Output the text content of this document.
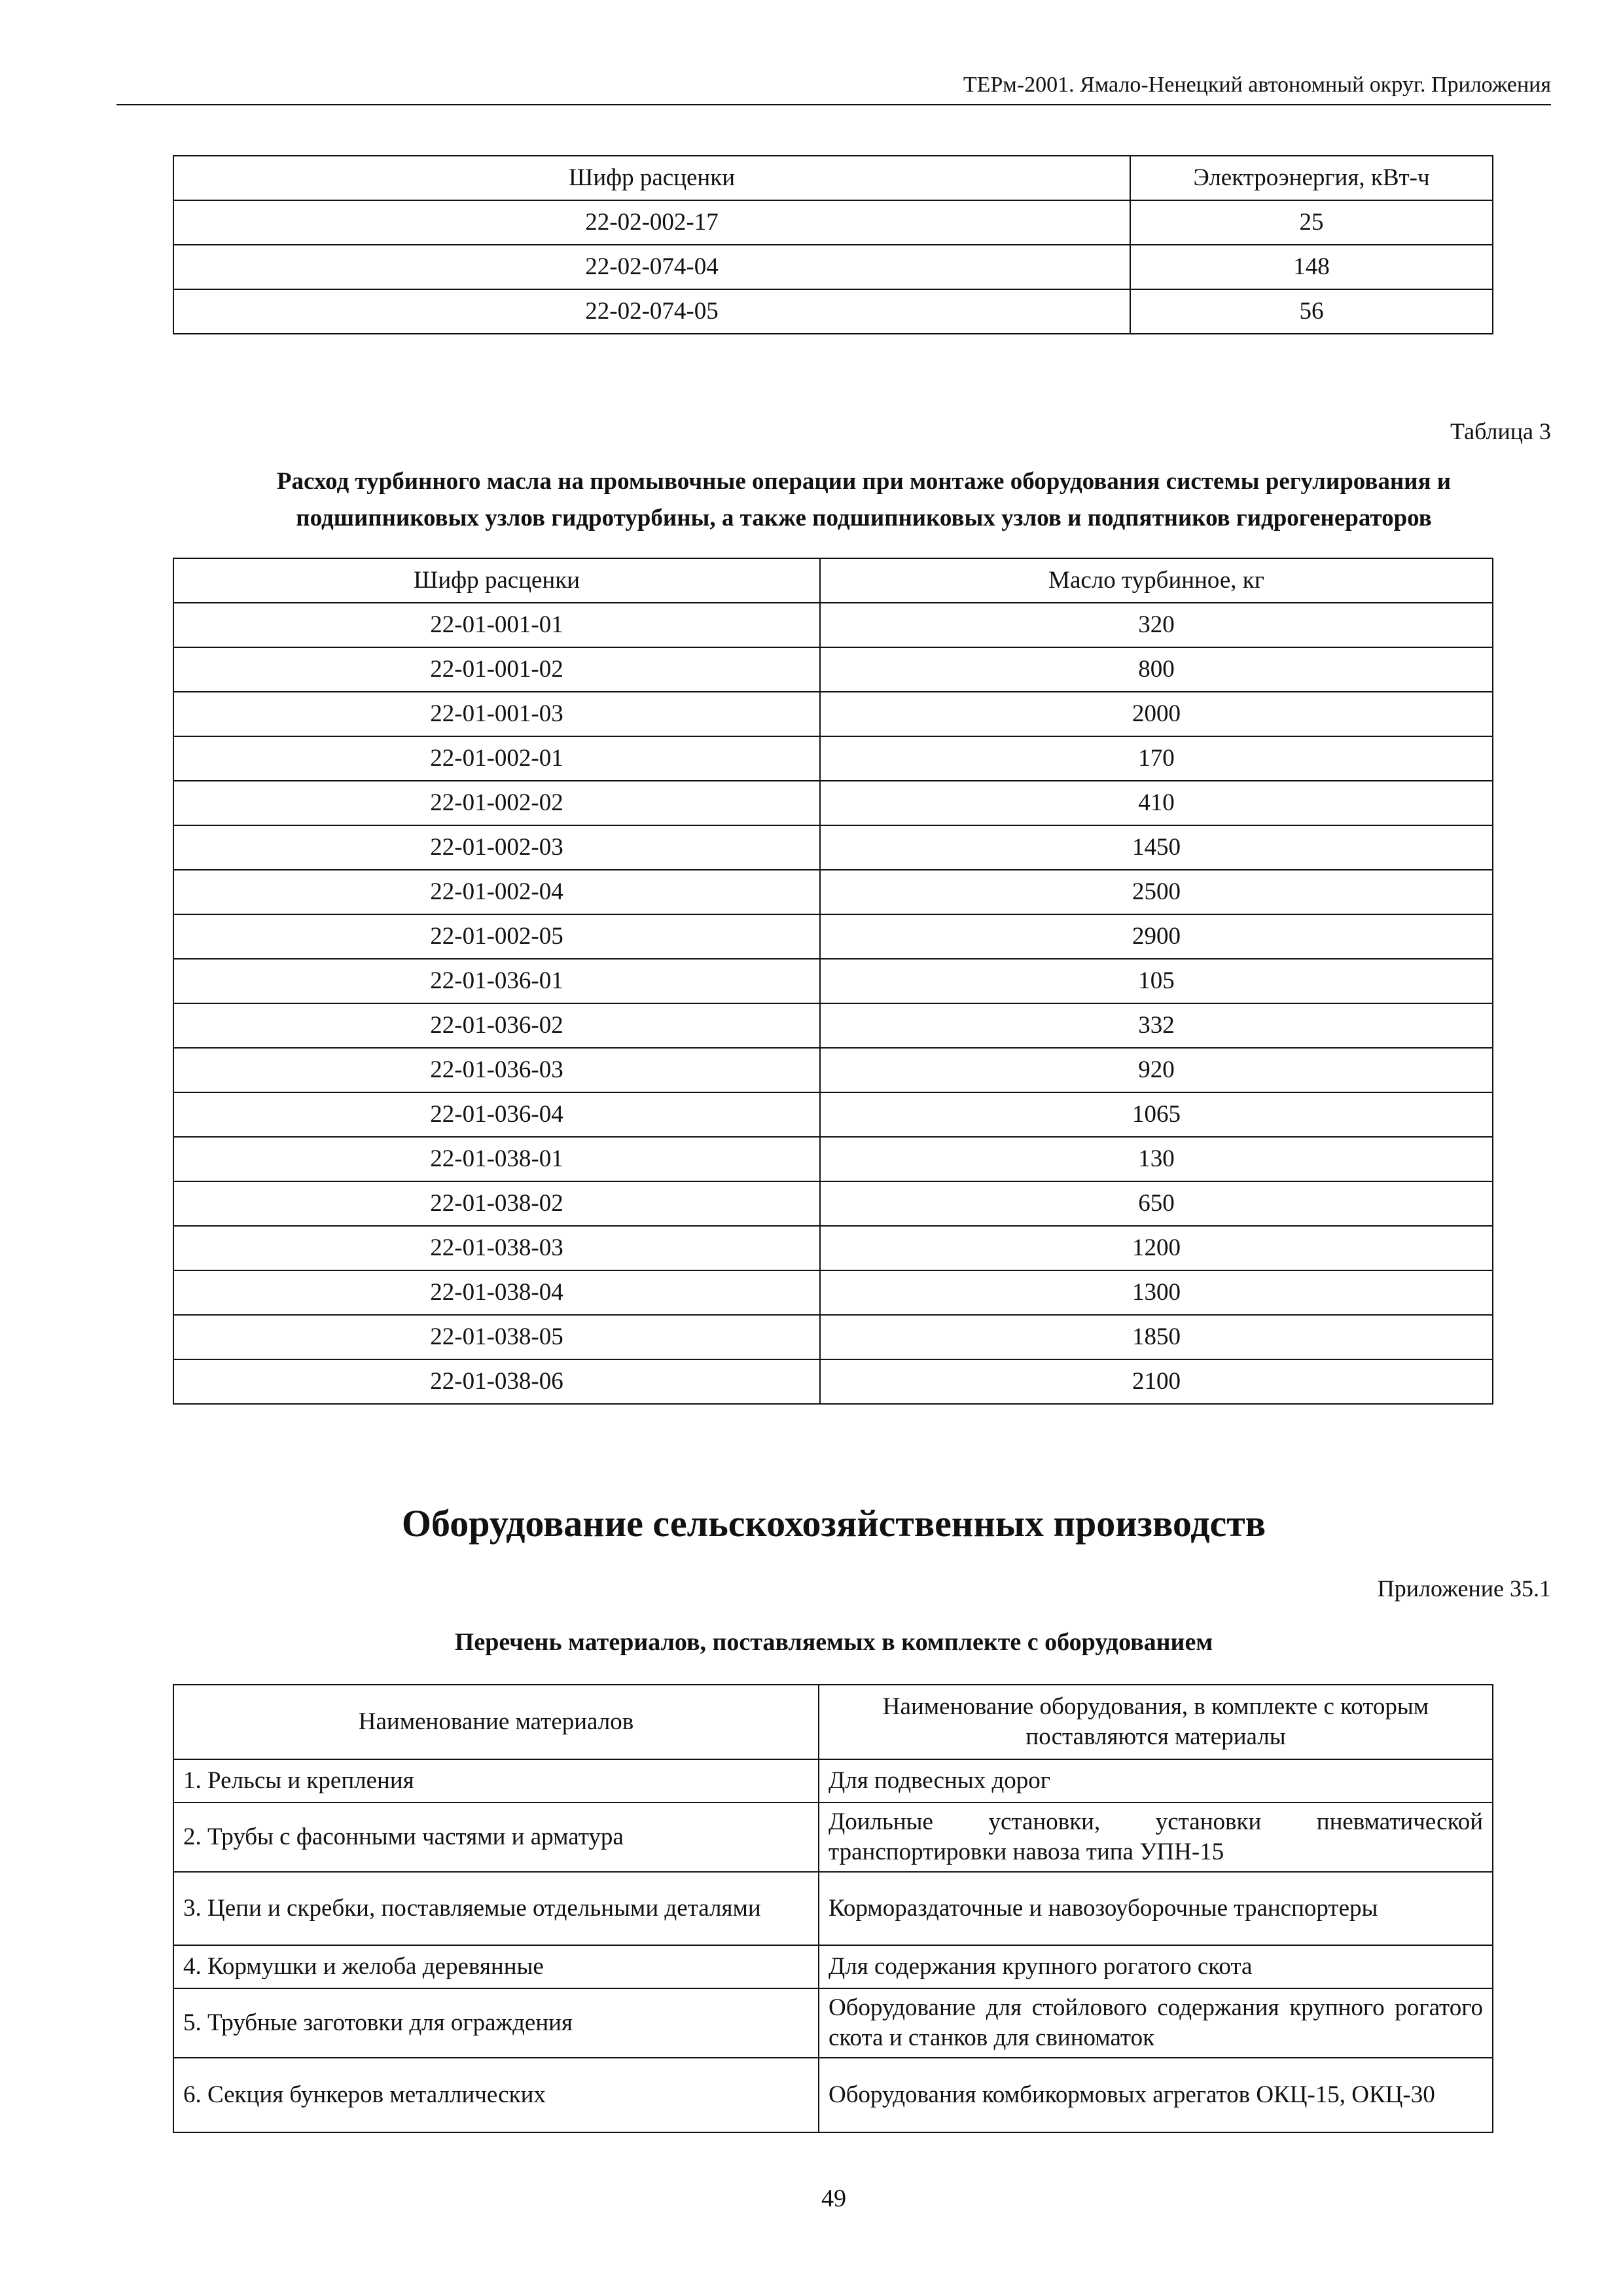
ТЕРм-2001. Ямало-Ненецкий автономный округ. Приложения
Шифр расценки	Электроэнергия, кВт-ч
22-02-002-17	25
22-02-074-04	148
22-02-074-05	56
Таблица 3
Расход турбинного масла на промывочные операции при монтаже оборудования системы регулирования и
подшипниковых узлов гидротурбины, а также подшипниковых узлов и подпятников гидрогенераторов
Шифр расценки	Масло турбинное, кг
22-01-001-01	320
22-01-001-02	800
22-01-001-03	2000
22-01-002-01	170
22-01-002-02	410
22-01-002-03	1450
22-01-002-04	2500
22-01-002-05	2900
22-01-036-01	105
22-01-036-02	332
22-01-036-03	920
22-01-036-04	1065
22-01-038-01	130
22-01-038-02	650
22-01-038-03	1200
22-01-038-04	1300
22-01-038-05	1850
22-01-038-06	2100
Оборудование сельскохозяйственных производств
Приложение 35.1
Перечень материалов, поставляемых в комплекте с оборудованием
Наименование материалов	Наименование оборудования, в комплекте с которым поставляются материалы
1. Рельсы и крепления	Для подвесных дорог
2. Трубы с фасонными частями и арматура	Доильные установки, установки пневматической транспортировки навоза типа УПН-15
3. Цепи и скребки, поставляемые отдельными деталями	Кормораздаточные и навозоуборочные транспортеры
4. Кормушки и желоба деревянные	Для содержания крупного рогатого скота
5. Трубные заготовки для ограждения	Оборудование для стойлового содержания крупного рогатого скота и станков для свиноматок
6. Секция бункеров металлических	Оборудования комбикормовых агрегатов ОКЦ-15, ОКЦ-30
49
